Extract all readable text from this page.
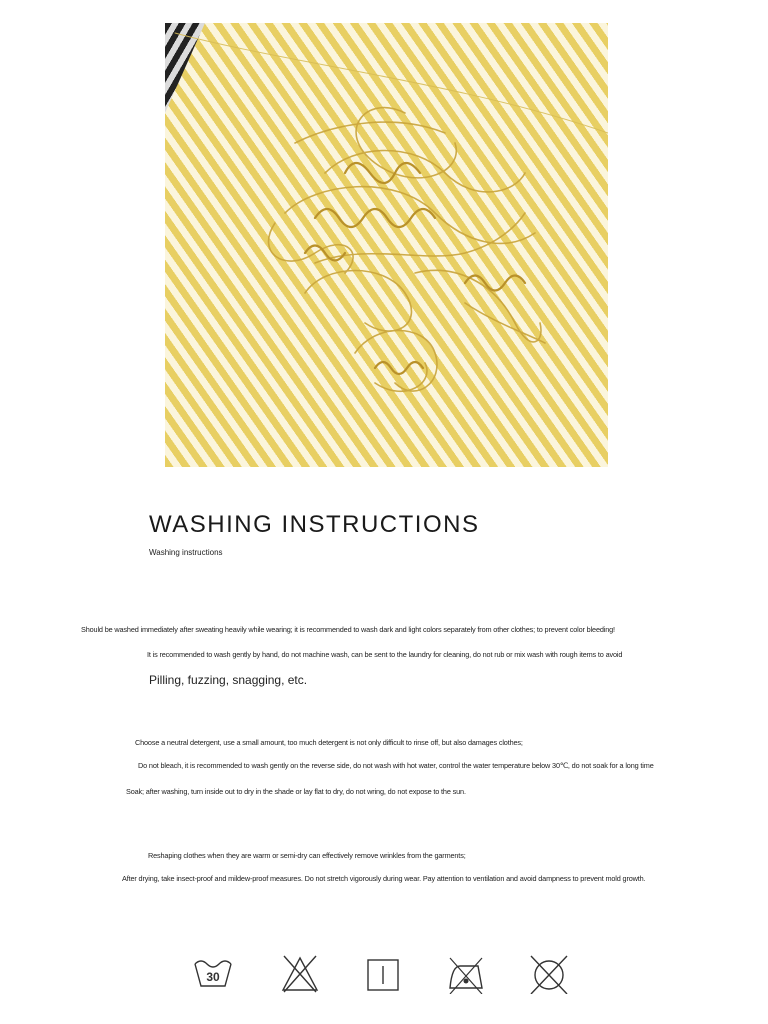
WASHING INSTRUCTIONS
Washing instructions
Should be washed immediately after sweating heavily while wearing; it is recommended to wash dark and light colors separately from other clothes; to prevent color bleeding!
It is recommended to wash gently by hand, do not machine wash, can be sent to the laundry for cleaning, do not rub or mix wash with rough items to avoid
Pilling, fuzzing, snagging, etc.
Choose a neutral detergent, use a small amount, too much detergent is not only difficult to rinse off, but also damages clothes;
Do not bleach, it is recommended to wash gently on the reverse side, do not wash with hot water, control the water temperature below 30℃, do not soak for a long time
Soak; after washing, turn inside out to dry in the shade or lay flat to dry, do not wring, do not expose to the sun.
Reshaping clothes when they are warm or semi-dry can effectively remove wrinkles from the garments;
After drying, take insect-proof and mildew-proof measures. Do not stretch vigorously during wear. Pay attention to ventilation and avoid dampness to prevent mold growth.
30
